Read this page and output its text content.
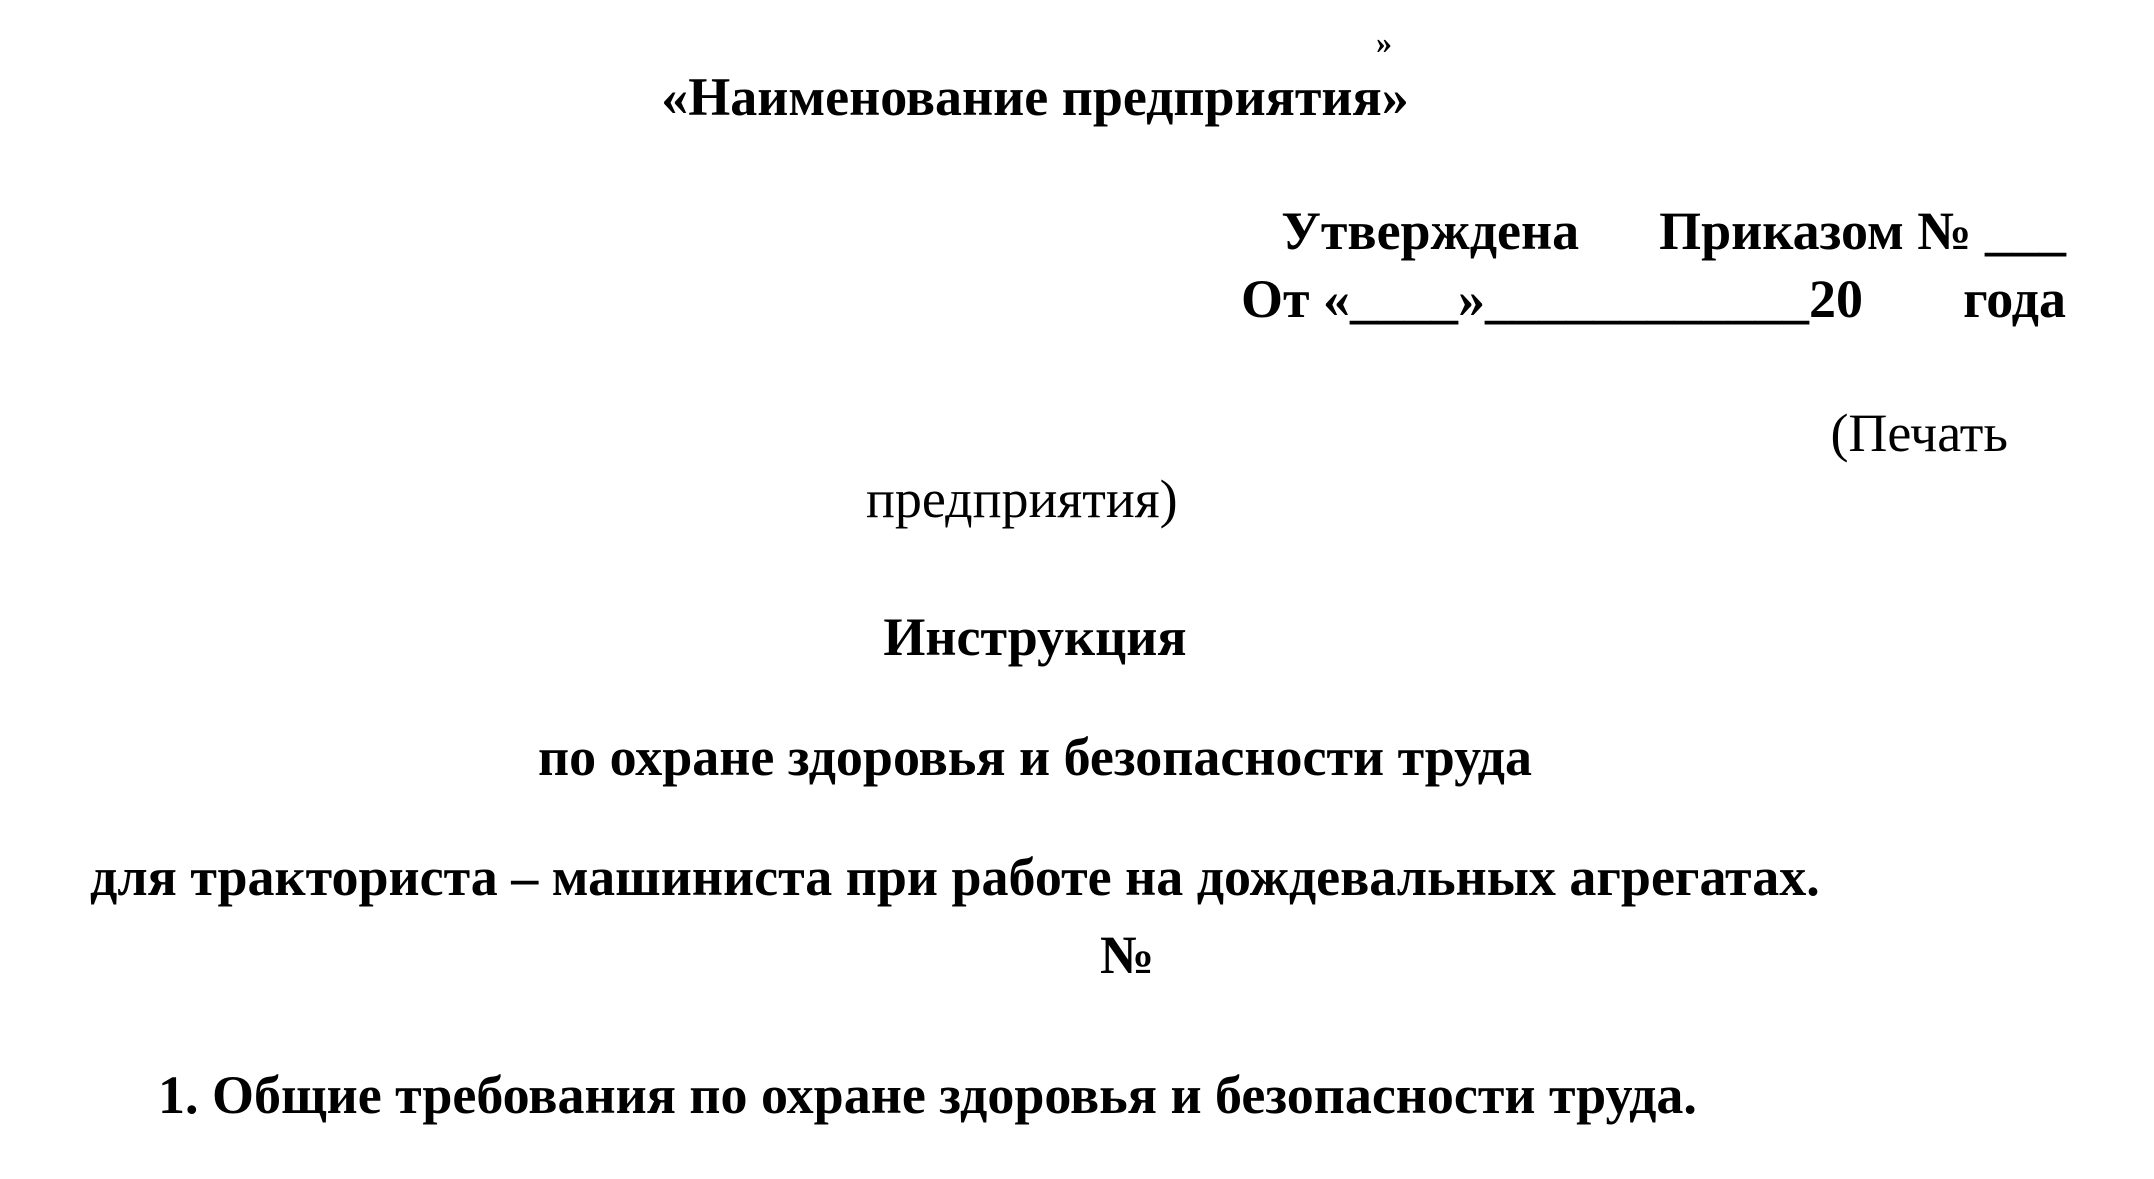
»
«Наименование предприятия»
Утверждена Приказом № ___
От «____»____________20 года
(Печать
предприятия)
Инструкция
по охране здоровья и безопасности труда
для тракториста – машиниста при работе на дождевальных агрегатах.
№
1. Общие требования по охране здоровья и безопасности труда.
